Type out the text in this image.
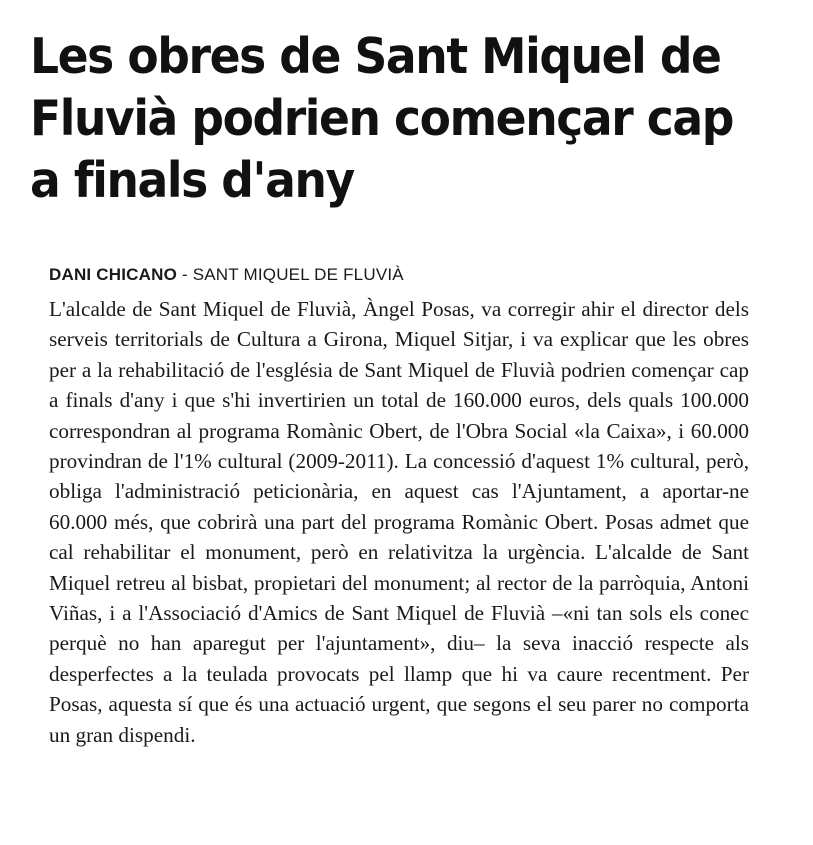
Les obres de Sant Miquel de Fluvià podrien començar cap a finals d'any
DANI CHICANO - SANT MIQUEL DE FLUVIÀ

L'alcalde de Sant Miquel de Fluvià, Àngel Posas, va corregir ahir el director dels serveis territorials de Cultura a Girona, Miquel Sitjar, i va explicar que les obres per a la rehabilitació de l'església de Sant Miquel de Fluvià podrien començar cap a finals d'any i que s'hi invertirien un total de 160.000 euros, dels quals 100.000 correspondran al programa Romànic Obert, de l'Obra Social «la Caixa», i 60.000 provindran de l'1% cultural (2009-2011). La concessió d'aquest 1% cultural, però, obliga l'administració peticionària, en aquest cas l'Ajuntament, a aportar-ne 60.000 més, que cobrirà una part del programa Romànic Obert. Posas admet que cal rehabilitar el monument, però en relativitza la urgència. L'alcalde de Sant Miquel retreu al bisbat, propietari del monument; al rector de la parròquia, Antoni Viñas, i a l'Associació d'Amics de Sant Miquel de Fluvià –«ni tan sols els conec perquè no han aparegut per l'ajuntament», diu– la seva inacció respecte als desperfectes a la teulada provocats pel llamp que hi va caure recentment. Per Posas, aquesta sí que és una actuació urgent, que segons el seu parer no comporta un gran dispendi.
